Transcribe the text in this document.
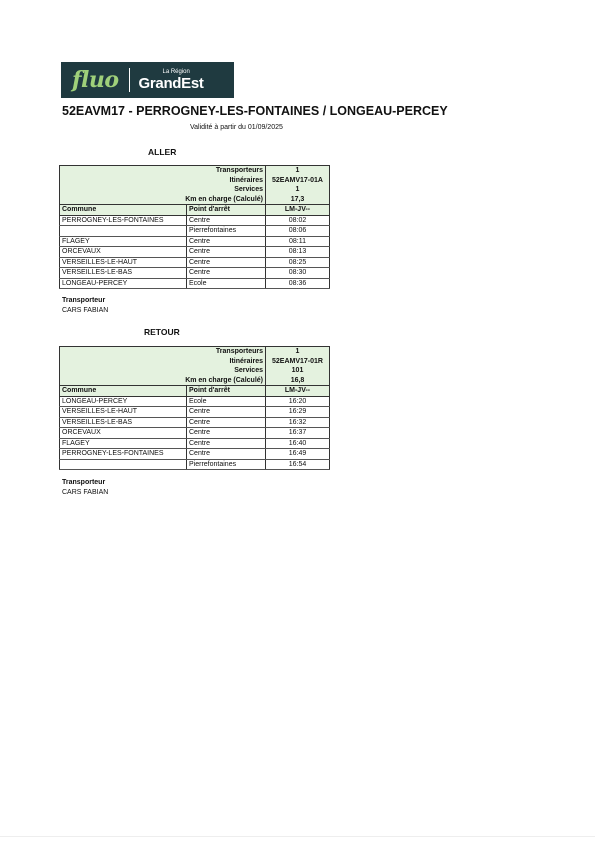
fluo	La Région
GrandEst
52EAVM17 - PERROGNEY-LES-FONTAINES / LONGEAU-PERCEY
Validité à partir du 01/09/2025
ALLER
Transporteurs		1
Itinéraires		52EAMV17-01A
Services		1
Km en charge (Calculé)		17,3
Commune	Point d'arrêt	LM-JV--
PERROGNEY-LES-FONTAINES	Centre	08:02
	Pierrefontaines	08:06
FLAGEY	Centre	08:11
ORCEVAUX	Centre	08:13
VERSEILLES-LE-HAUT	Centre	08:25
VERSEILLES-LE-BAS	Centre	08:30
LONGEAU-PERCEY	Ecole	08:36
Transporteur
CARS FABIAN
RETOUR
Transporteurs		1
Itinéraires		52EAMV17-01R
Services		101
Km en charge (Calculé)		16,8
Commune	Point d'arrêt	LM-JV--
LONGEAU-PERCEY	Ecole	16:20
VERSEILLES-LE-HAUT	Centre	16:29
VERSEILLES-LE-BAS	Centre	16:32
ORCEVAUX	Centre	16:37
FLAGEY	Centre	16:40
PERROGNEY-LES-FONTAINES	Centre	16:49
	Pierrefontaines	16:54
Transporteur
CARS FABIAN
